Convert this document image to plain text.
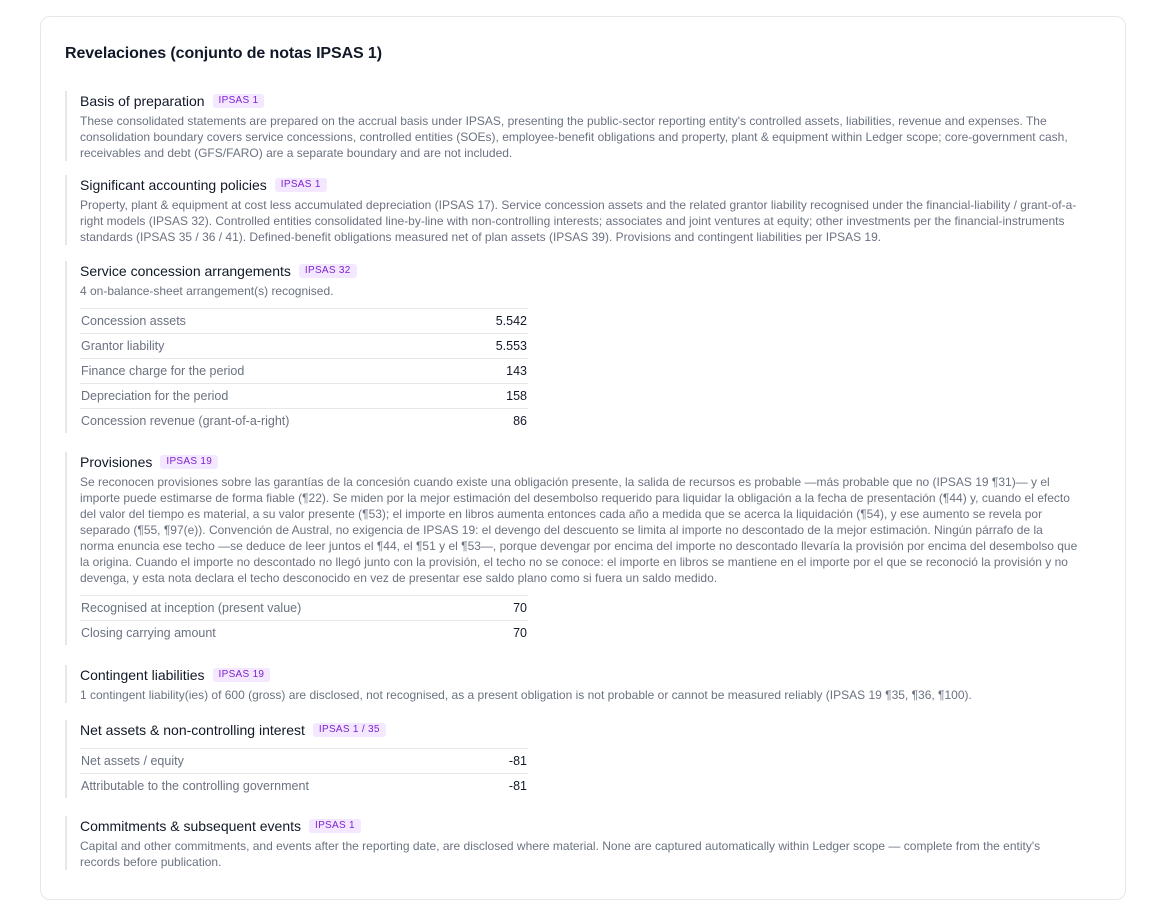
Revelaciones (conjunto de notas IPSAS 1)
Basis of preparation	IPSAS 1
These consolidated statements are prepared on the accrual basis under IPSAS, presenting the public-sector reporting entity's controlled assets, liabilities, revenue and expenses. The consolidation boundary covers service concessions, controlled entities (SOEs), employee-benefit obligations and property, plant & equipment within Ledger scope; core-government cash, receivables and debt (GFS/FARO) are a separate boundary and are not included.
Significant accounting policies	IPSAS 1
Property, plant & equipment at cost less accumulated depreciation (IPSAS 17). Service concession assets and the related grantor liability recognised under the financial-liability / grant-of-a-right models (IPSAS 32). Controlled entities consolidated line-by-line with non-controlling interests; associates and joint ventures at equity; other investments per the financial-instruments standards (IPSAS 35 / 36 / 41). Defined-benefit obligations measured net of plan assets (IPSAS 39). Provisions and contingent liabilities per IPSAS 19.
Service concession arrangements	IPSAS 32
4 on-balance-sheet arrangement(s) recognised.
Concession assets	5.542
Grantor liability	5.553
Finance charge for the period	143
Depreciation for the period	158
Concession revenue (grant-of-a-right)	86
Provisiones	IPSAS 19
Se reconocen provisiones sobre las garantías de la concesión cuando existe una obligación presente, la salida de recursos es probable —más probable que no (IPSAS 19 ¶31)— y el importe puede estimarse de forma fiable (¶22). Se miden por la mejor estimación del desembolso requerido para liquidar la obligación a la fecha de presentación (¶44) y, cuando el efecto del valor del tiempo es material, a su valor presente (¶53); el importe en libros aumenta entonces cada año a medida que se acerca la liquidación (¶54), y ese aumento se revela por separado (¶55, ¶97(e)). Convención de Austral, no exigencia de IPSAS 19: el devengo del descuento se limita al importe no descontado de la mejor estimación. Ningún párrafo de la norma enuncia ese techo —se deduce de leer juntos el ¶44, el ¶51 y el ¶53—, porque devengar por encima del importe no descontado llevaría la provisión por encima del desembolso que la origina. Cuando el importe no descontado no llegó junto con la provisión, el techo no se conoce: el importe en libros se mantiene en el importe por el que se reconoció la provisión y no devenga, y esta nota declara el techo desconocido en vez de presentar ese saldo plano como si fuera un saldo medido.
Recognised at inception (present value)	70
Closing carrying amount	70
Contingent liabilities	IPSAS 19
1 contingent liability(ies) of 600 (gross) are disclosed, not recognised, as a present obligation is not probable or cannot be measured reliably (IPSAS 19 ¶35, ¶36, ¶100).
Net assets & non-controlling interest	IPSAS 1 / 35
Net assets / equity	-81
Attributable to the controlling government	-81
Commitments & subsequent events	IPSAS 1
Capital and other commitments, and events after the reporting date, are disclosed where material. None are captured automatically within Ledger scope — complete from the entity's records before publication.
